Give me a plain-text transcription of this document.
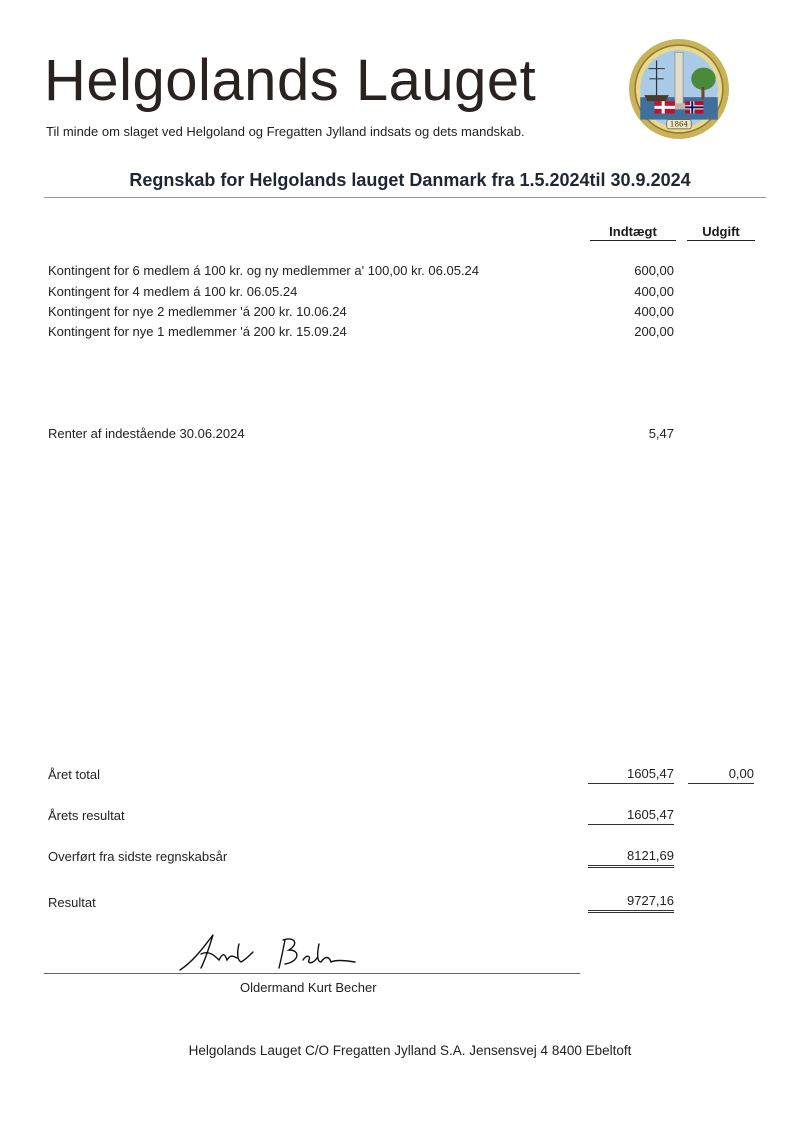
Helgolands Lauget
Til minde om slaget ved Helgoland og Fregatten Jylland indsats og dets mandskab.	1864
Regnskab for Helgolands lauget Danmark fra 1.5.2024til 30.9.2024
Indtægt	Udgift
Kontingent for 6 medlem á 100 kr. og ny medlemmer a' 100,00 kr. 06.05.24	600,00
Kontingent for 4 medlem á 100 kr. 06.05.24	400,00
Kontingent for nye 2 medlemmer 'á 200 kr. 10.06.24	400,00
Kontingent for nye 1 medlemmer 'á 200 kr. 15.09.24	200,00
Renter af indestående 30.06.2024	5,47
Året total	1605,47	0,00
Årets resultat	1605,47
Overført fra sidste regnskabsår	8121,69
Resultat	9727,16
Oldermand Kurt Becher
Helgolands Lauget C/O Fregatten Jylland S.A. Jensensvej 4 8400 Ebeltoft
